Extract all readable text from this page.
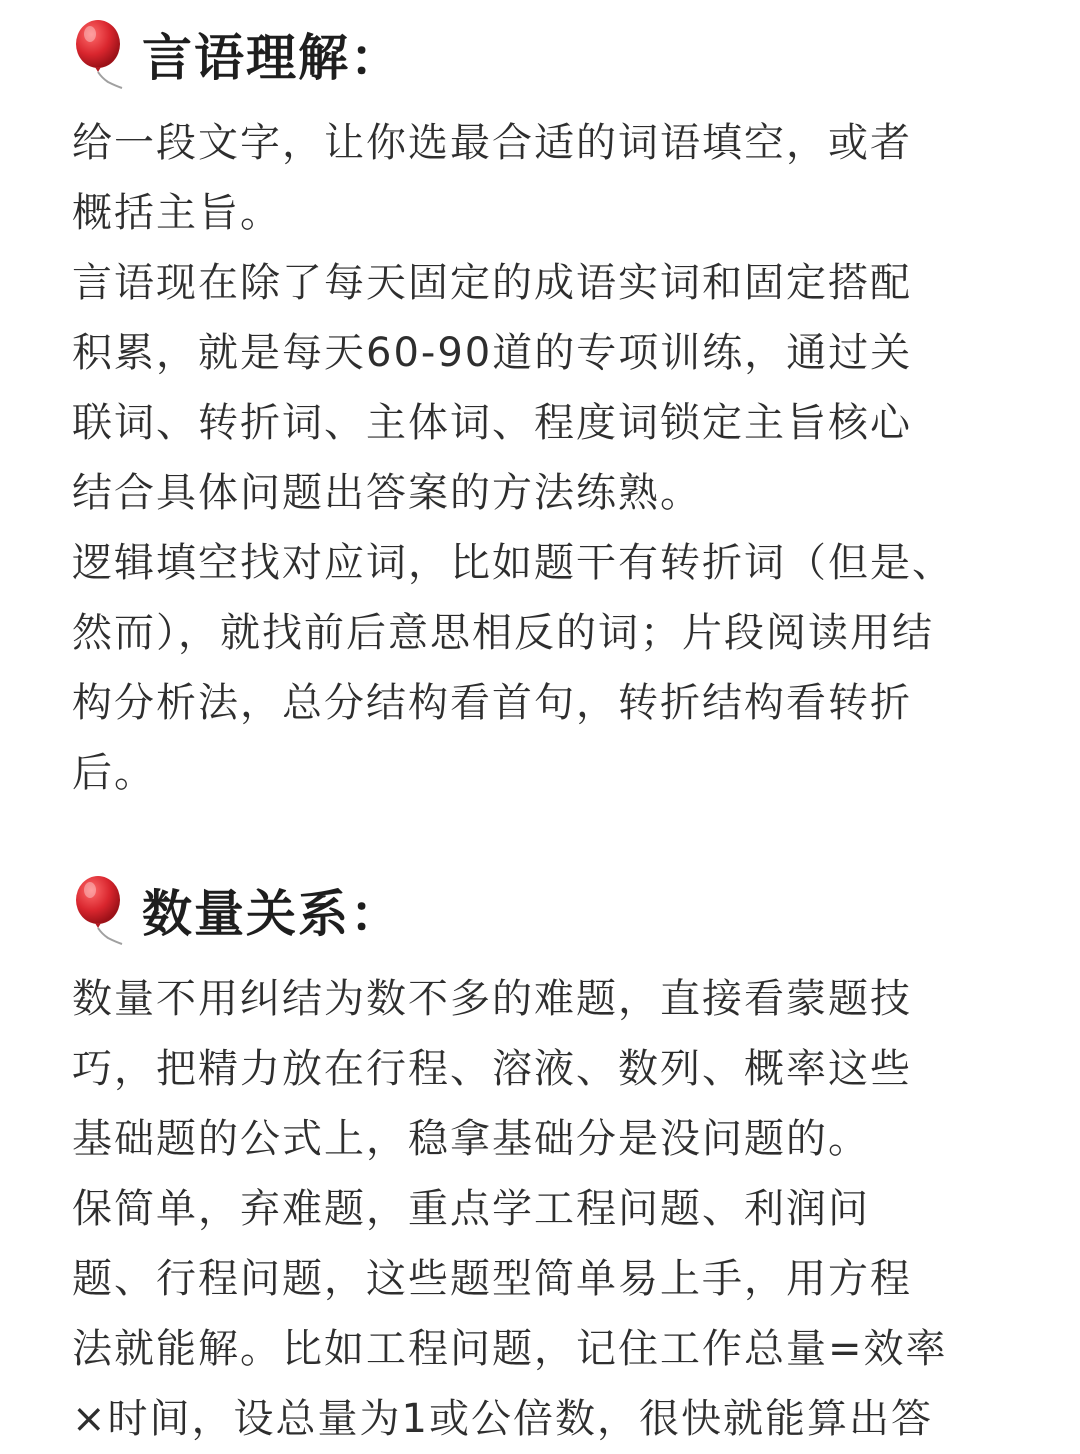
言语理解：
给一段文字，让你选最合适的词语填空，或者
概括主旨。
言语现在除了每天固定的成语实词和固定搭配
积累，就是每天60-90道的专项训练，通过关
联词、转折词、主体词、程度词锁定主旨核心
结合具体问题出答案的方法练熟。
逻辑填空找对应词，比如题干有转折词（但是、
然而），就找前后意思相反的词；片段阅读用结
构分析法，总分结构看首句，转折结构看转折
后。
数量关系：
数量不用纠结为数不多的难题，直接看蒙题技
巧，把精力放在行程、溶液、数列、概率这些
基础题的公式上，稳拿基础分是没问题的。
保简单，弃难题，重点学工程问题、利润问
题、行程问题，这些题型简单易上手，用方程
法就能解。比如工程问题，记住工作总量=效率
×时间，设总量为1或公倍数，很快就能算出答
